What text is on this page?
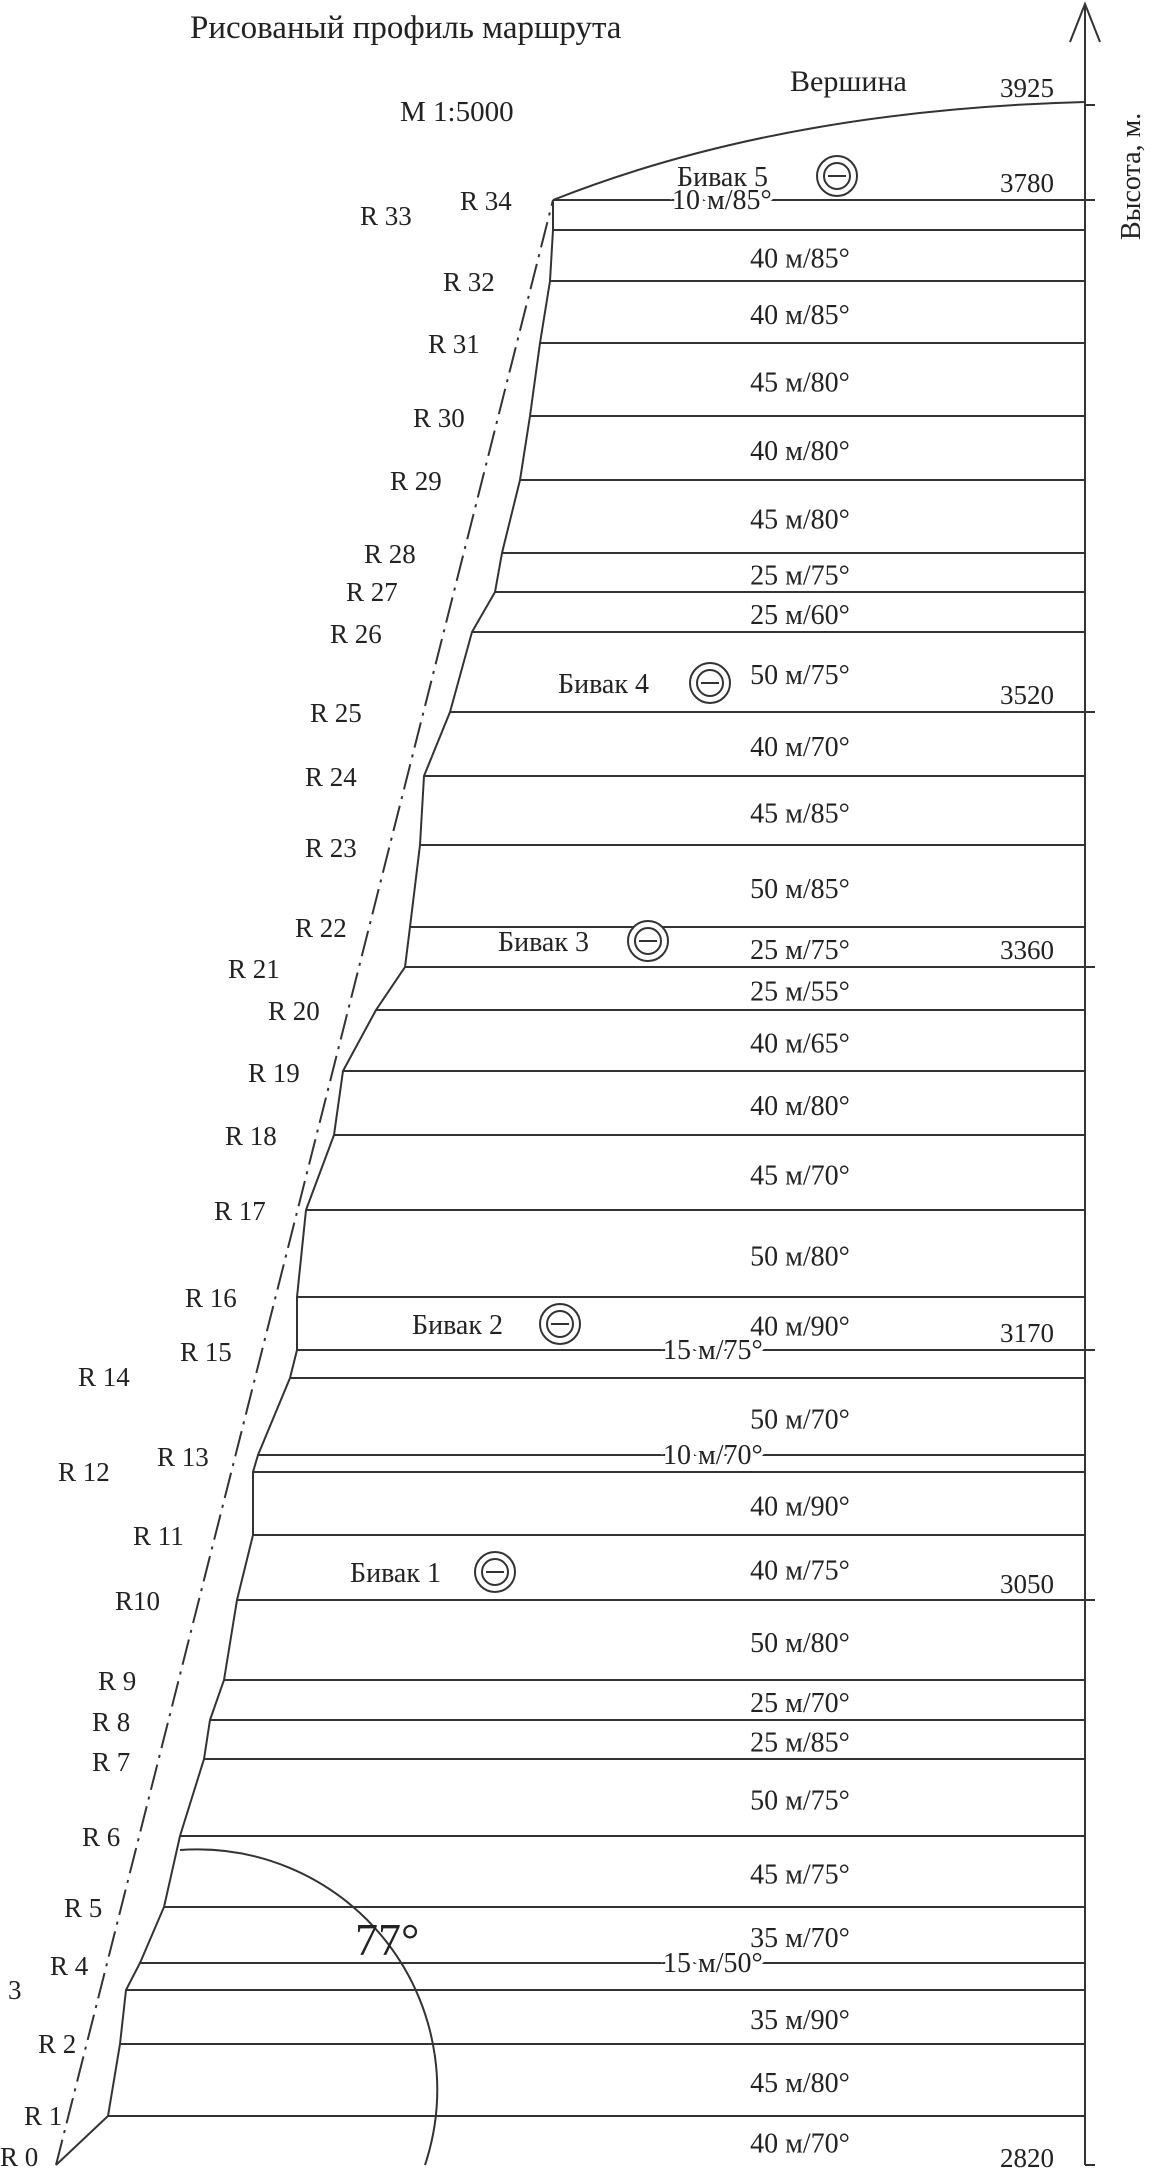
Рисованый профиль маршрута
М 1:5000
Вершина
Высота, м.
77°
3925
3780
3520
3360
3170
3050
2820
R 0
R 1
R 2
3
R 4
R 5
R 6
R 7
R 8
R 9
R10
R 11
R 12 R 13
R 14
R 15
R 16
R 17
R 18
R 19
R 20
R 21
R 22
R 23
R 24
R 25
R 26
R 27
R 28
R 29
R 30
R 31
R 32
R 33 R 34
40 м/70°
45 м/80°
35 м/90°
15 м/50°
35 м/70°
45 м/75°
50 м/75°
25 м/85°
25 м/70°
50 м/80°
40 м/75°
40 м/90°
10 м/70°
50 м/70°
15 м/75°
40 м/90°
50 м/80°
45 м/70°
40 м/80°
40 м/65°
25 м/55°
25 м/75°
50 м/85°
45 м/85°
40 м/70°
50 м/75°
25 м/60°
25 м/75°
45 м/80°
40 м/80°
45 м/80°
40 м/85°
40 м/85°
10 м/85°
Бивак 1
Бивак 2
Бивак 3
Бивак 4
Бивак 5
